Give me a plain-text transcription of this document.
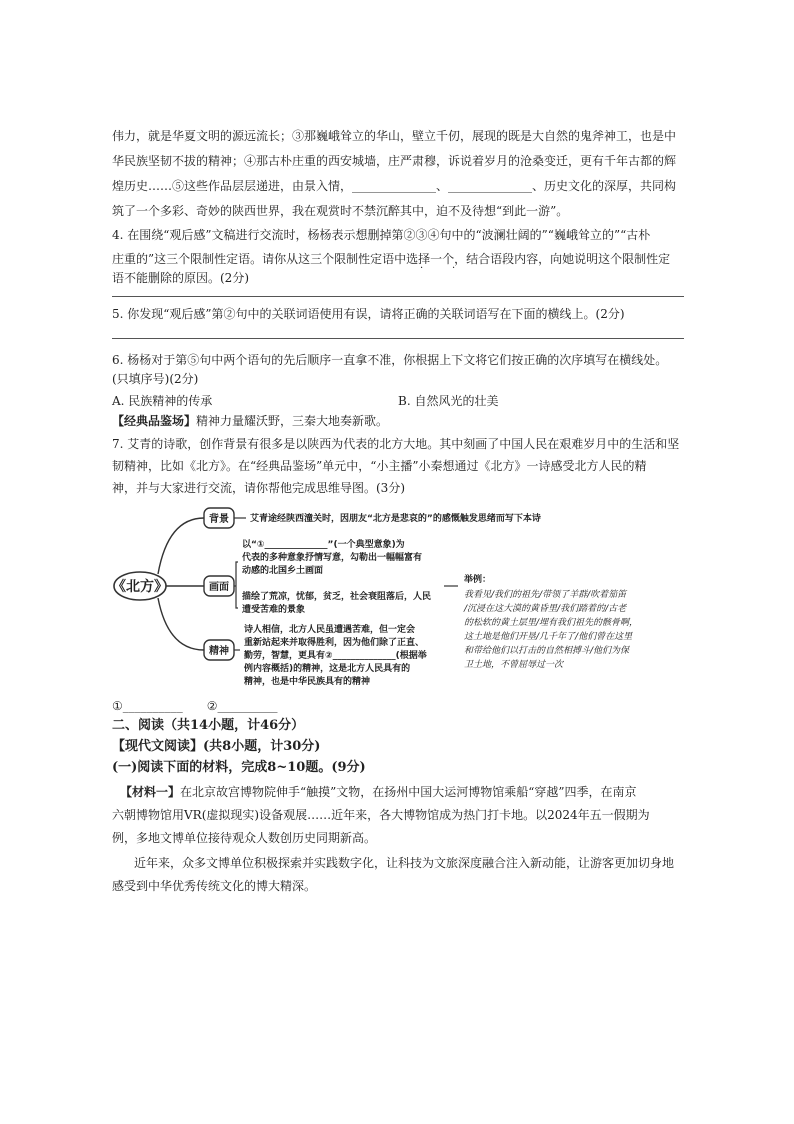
伟力，就是华夏文明的源远流长；③那巍峨耸立的华山，壁立千仞，展现的既是大自然的鬼斧神工，也是中
华民族坚韧不拔的精神；④那古朴庄重的西安城墙，庄严肃穆，诉说着岁月的沧桑变迁，更有千年古都的辉
煌历史……⑤这些作品层层递进，由景入情，______________、______________、历史文化的深厚，共同构
筑了一个多彩、奇妙的陕西世界，我在观赏时不禁沉醉其中，迫不及待想“到此一游”。
4. 在围绕“观后感”文稿进行交流时，杨杨表示想删掉第②③④句中的“波澜壮阔的”“巍峨耸立的”“古朴
庄重的”这三个限制性定语。请你从这三个限制性定语中选择一个，结合语段内容，向她说明这个限制性定
·	·
语不能删除的原因。(2分)
5. 你发现“观后感”第②句中的关联词语使用有误，请将正确的关联词语写在下面的横线上。(2分)
6. 杨杨对于第⑤句中两个语句的先后顺序一直拿不准，你根据上下文将它们按正确的次序填写在横线处。
(只填序号)(2分)
A. 民族精神的传承	B. 自然风光的壮美
【经典品鉴场】精神力量耀沃野，三秦大地奏新歌。
7. 艾青的诗歌，创作背景有很多是以陕西为代表的北方大地。其中刻画了中国人民在艰难岁月中的生活和坚
韧精神，比如《北方》。在“经典品鉴场”单元中，“小主播”小秦想通过《北方》一诗感受北方人民的精
神，并与大家进行交流，请你帮他完成思维导图。(3分)
《北方》
背景
画面
精神
艾青途经陕西潼关时，因朋友“北方是悲哀的”的感慨触发思绪而写下本诗
以“①______________”(一个典型意象)为
代表的多种意象抒情写意，勾勒出一幅幅富有
动感的北国乡土画面
描绘了荒凉，忧郁，贫乏，社会衰阻落后，人民
遭受苦难的景象
诗人相信，北方人民虽遭遇苦难，但一定会
重新站起来并取得胜利，因为他们除了正直、
勤劳，智慧，更具有②______________(根据举
例内容概括)的精神，这是北方人民具有的
精神，也是中华民族具有的精神
举例：
我看见/我们的祖先/带领了羊群/吹着笳笛
/沉浸在这大漠的黄昏里/我们踏着的/古老
的松软的黄土层里/埋有我们祖先的骸骨啊，
这土地是他们开垦/几千年了/他们曾在这里
和带给他们以打击的自然相搏斗/他们为保
卫土地，不曾屈辱过一次
①__________　　②__________
二、阅读（共14小题，计46分）
【现代文阅读】(共8小题，计30分)
(一)阅读下面的材料，完成8~10题。(9分)
【材料一】在北京故宫博物院伸手“触摸”文物，在扬州中国大运河博物馆乘船“穿越”四季，在南京
六朝博物馆用VR(虚拟现实)设备观展……近年来，各大博物馆成为热门打卡地。以2024年五一假期为
例，多地文博单位接待观众人数创历史同期新高。
近年来，众多文博单位积极探索并实践数字化，让科技为文旅深度融合注入新动能，让游客更加切身地
感受到中华优秀传统文化的博大精深。
